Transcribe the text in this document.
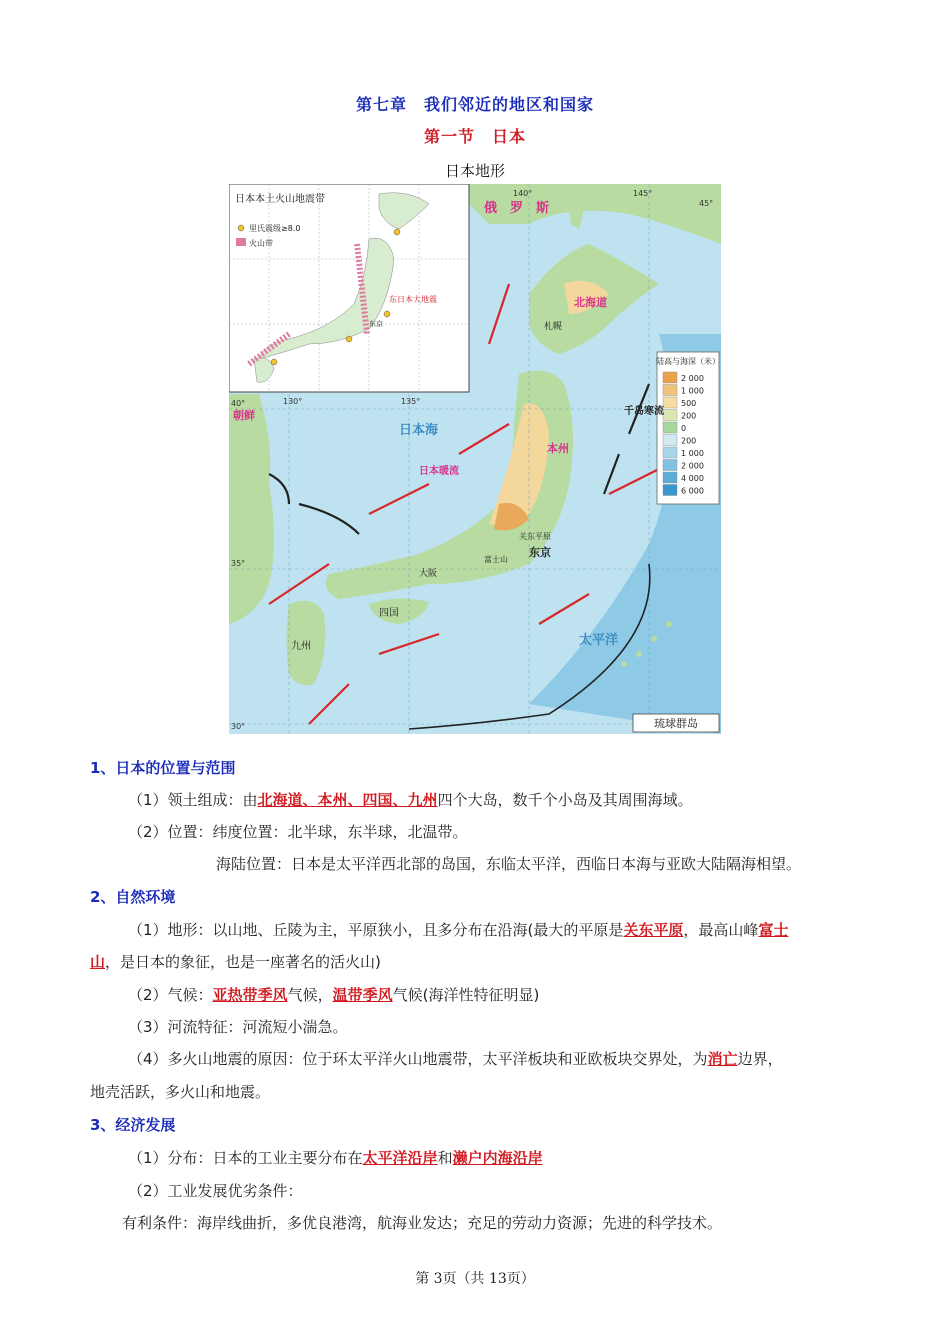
第七章　我们邻近的地区和国家
第一节　日本
日本地形
陆高与海深（米）
2 000
1 000
500
200
0
200
1 000
2 000
4 000
6 000
俄　罗　斯
北海道
本州
四国
九州
东京
札幌
大阪
富士山
关东平原
日本海
太平洋
朝鲜
日本暖流
千岛寒流
琉球群岛
130°	135°
140°	145°
30°
35°
40°
45°
日本本土火山地震带
里氏震级≥8.0
火山带
东日本大地震
东京
1、日本的位置与范围
（1）领土组成：由北海道、本州、四国、九州四个大岛，数千个小岛及其周围海域。
（2）位置：纬度位置：北半球，东半球，北温带。
海陆位置：日本是太平洋西北部的岛国，东临太平洋，西临日本海与亚欧大陆隔海相望。
2、自然环境
（1）地形：以山地、丘陵为主，平原狭小，且多分布在沿海(最大的平原是关东平原，最高山峰富士
山，是日本的象征，也是一座著名的活火山)
（2）气候：亚热带季风气候，温带季风气候(海洋性特征明显)
（3）河流特征：河流短小湍急。
（4）多火山地震的原因：位于环太平洋火山地震带，太平洋板块和亚欧板块交界处，为消亡边界，
地壳活跃，多火山和地震。
3、经济发展
（1）分布：日本的工业主要分布在太平洋沿岸和濑户内海沿岸
（2）工业发展优劣条件：
有利条件：海岸线曲折，多优良港湾，航海业发达；充足的劳动力资源；先进的科学技术。
第 3页（共 13页）
